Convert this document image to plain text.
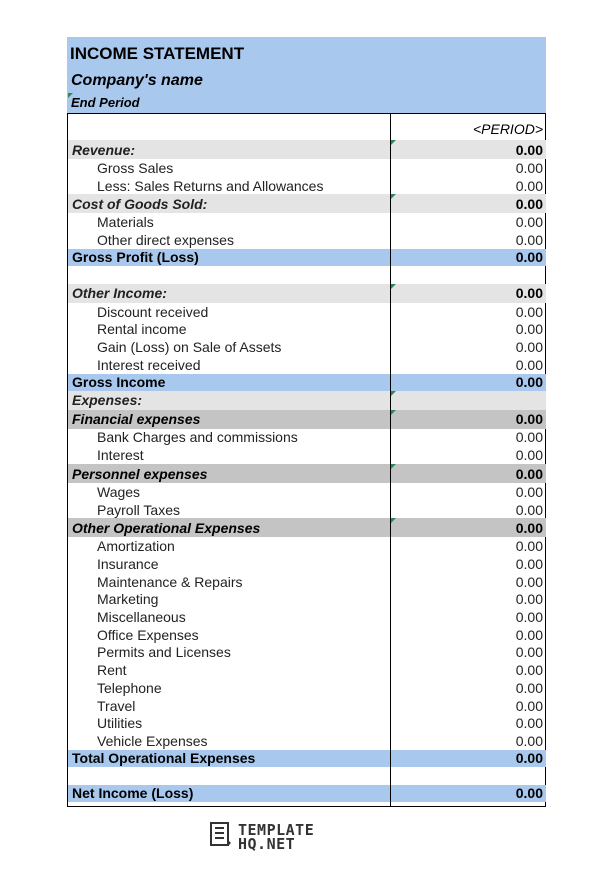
INCOME STATEMENT
Company's name
End Period
<PERIOD>
Revenue:	0.00
Gross Sales	0.00
Less: Sales Returns and Allowances	0.00
Cost of Goods Sold:	0.00
Materials	0.00
Other direct expenses	0.00
Gross Profit (Loss)	0.00
Other Income:	0.00
Discount received	0.00
Rental income	0.00
Gain (Loss) on Sale of Assets	0.00
Interest received	0.00
Gross Income	0.00
Expenses:
Financial expenses	0.00
Bank Charges and commissions	0.00
Interest	0.00
Personnel expenses	0.00
Wages	0.00
Payroll Taxes	0.00
Other Operational Expenses	0.00
Amortization	0.00
Insurance	0.00
Maintenance & Repairs	0.00
Marketing	0.00
Miscellaneous	0.00
Office Expenses	0.00
Permits and Licenses	0.00
Rent	0.00
Telephone	0.00
Travel	0.00
Utilities	0.00
Vehicle Expenses	0.00
Total Operational Expenses	0.00
Net Income (Loss)	0.00
TEMPLATE
HQ.NET
